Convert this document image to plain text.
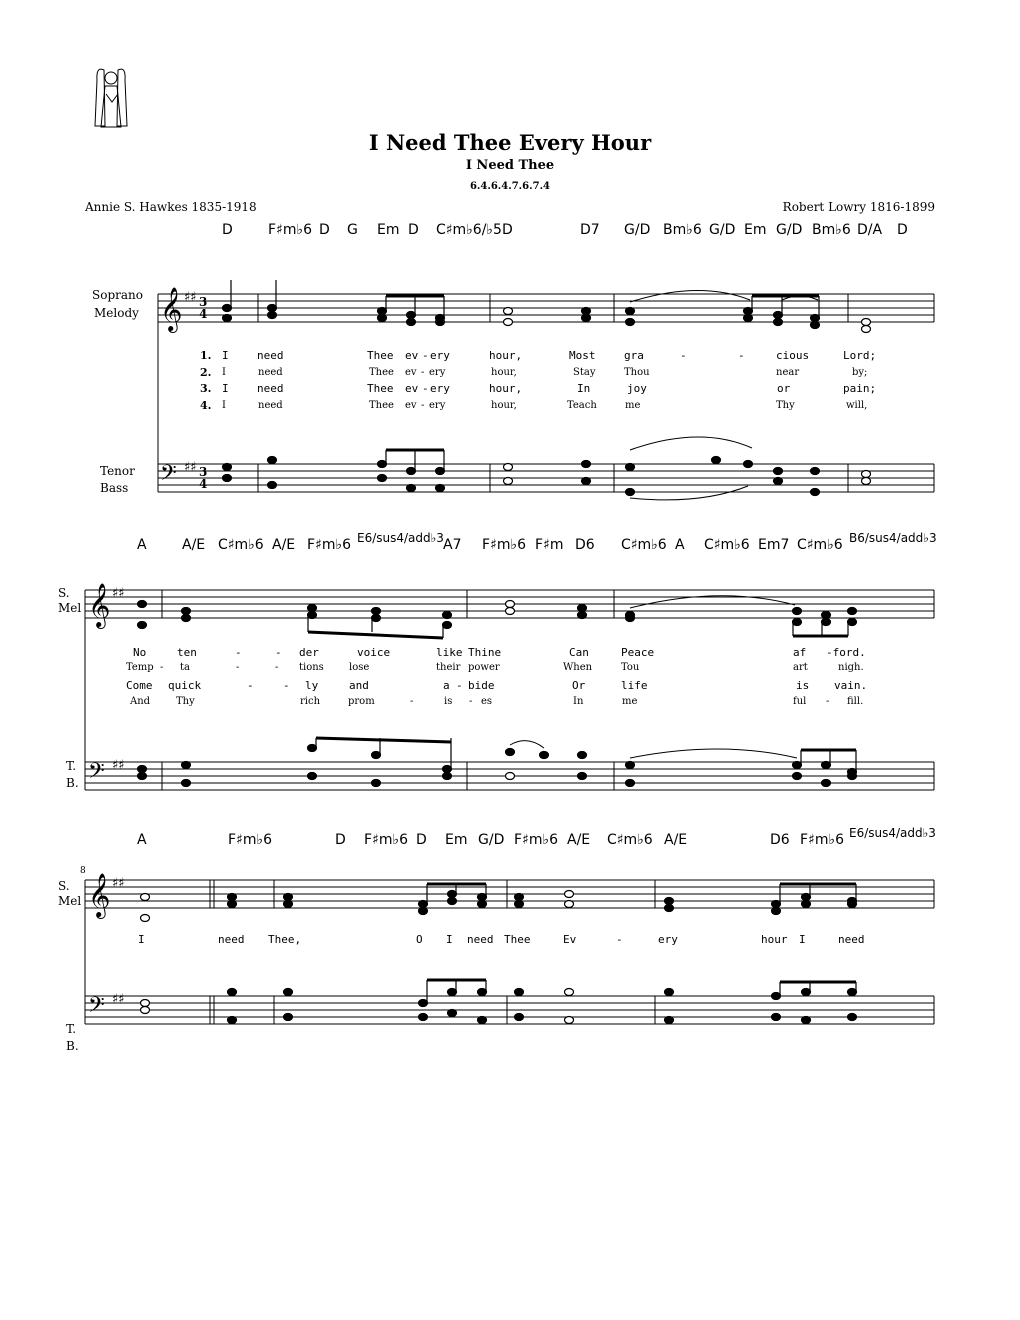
I Need Thee Every Hour
I Need Thee
6.4.6.4.7.6.7.4
Annie S. Hawkes 1835-1918	Robert Lowry 1816-1899
𝄞
𝄢
♯♯
♯♯
3
4
3
4
𝄞
𝄢
♯♯
♯♯
𝄞
𝄢
♯♯
♯♯
Soprano
Melody
Tenor
Bass
S.
Mel
T.
B.
S.
Mel
T.
B.
8
D	F♯m♭6 D G Em D C♯m♭6/♭5 D	D7 G/D Bm♭6 G/D Em G/D Bm♭6 D/A D
A	A/E C♯m♭6 A/E F♯m♭6 E6/sus4/add♭3 A7 F♯m♭6 F♯m D6 C♯m♭6 A C♯m♭6 Em7 C♯m♭6 B6/sus4/add♭3
A	F♯m♭6	D F♯m♭6 D Em G/D F♯m♭6 A/E C♯m♭6 A/E	D6 F♯m♭6 E6/sus4/add♭3
1.
2.
3.
4.
I	need	Thee ev - ery	hour,	Most	gra	-	-	cious	Lord;
I	need	Thee ev - ery	hour,	Stay	Thou	near	by;
I	need	Thee ev - ery	hour,	In	joy	or	pain;
I	need	Thee ev - ery	hour,	Teach	me	Thy	will,
No	ten	-	- der	voice	like Thine	Can	Peace	af -ford.
Temp - ta	-	- tions	lose	their power	When	Tou	art	nigh.
Come quick	-	- ly	and	a - bide	Or	life	is vain.
And	Thy	rich	prom	-	is - es	In	me	ful - fill.
I	need Thee,	O I need Thee	Ev	-	ery	hour I	need
